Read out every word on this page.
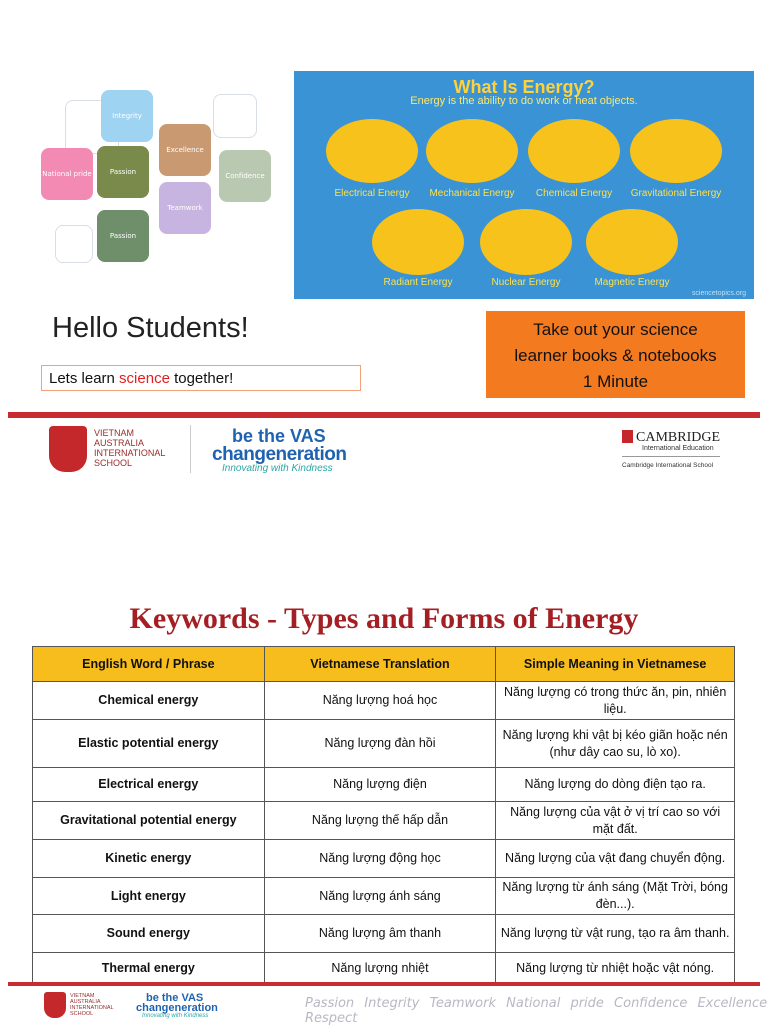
Integrity
National pride	Passion
Excellence
Confidence
Teamwork
Passion
What Is Energy?
Energy is the ability to do work or heat objects.
Electrical Energy	Mechanical Energy	Chemical Energy	Gravitational Energy
Radiant Energy	Nuclear Energy	Magnetic Energy
sciencetopics.org
Hello Students!
Lets learn science together!
Take out your science
learner books & notebooks
1 Minute
VIETNAM
AUSTRALIA
INTERNATIONAL
SCHOOL
be the VAS
changeneration
Innovating with Kindness
CAMBRIDGE
International Education
Cambridge International School
Keywords - Types and Forms of Energy
English Word / Phrase	Vietnamese Translation	Simple Meaning in Vietnamese
Chemical energy	Năng lượng hoá học	Năng lượng có trong thức ăn, pin, nhiên liệu.
Elastic potential energy	Năng lượng đàn hồi	Năng lượng khi vật bị kéo giãn hoặc nén (như dây cao su, lò xo).
Electrical energy	Năng lượng điện	Năng lượng do dòng điện tạo ra.
Gravitational potential energy	Năng lượng thế hấp dẫn	Năng lượng của vật ở vị trí cao so với mặt đất.
Kinetic energy	Năng lượng động học	Năng lượng của vật đang chuyển động.
Light energy	Năng lượng ánh sáng	Năng lượng từ ánh sáng (Mặt Trời, bóng đèn...).
Sound energy	Năng lượng âm thanh	Năng lượng từ vật rung, tạo ra âm thanh.
Thermal energy	Năng lượng nhiệt	Năng lượng từ nhiệt hoặc vật nóng.
VIETNAM
AUSTRALIA
INTERNATIONAL
SCHOOL
be the VAS
changeneration
Innovating with Kindness
Passion Integrity Teamwork National pride Confidence Excellence Respect
